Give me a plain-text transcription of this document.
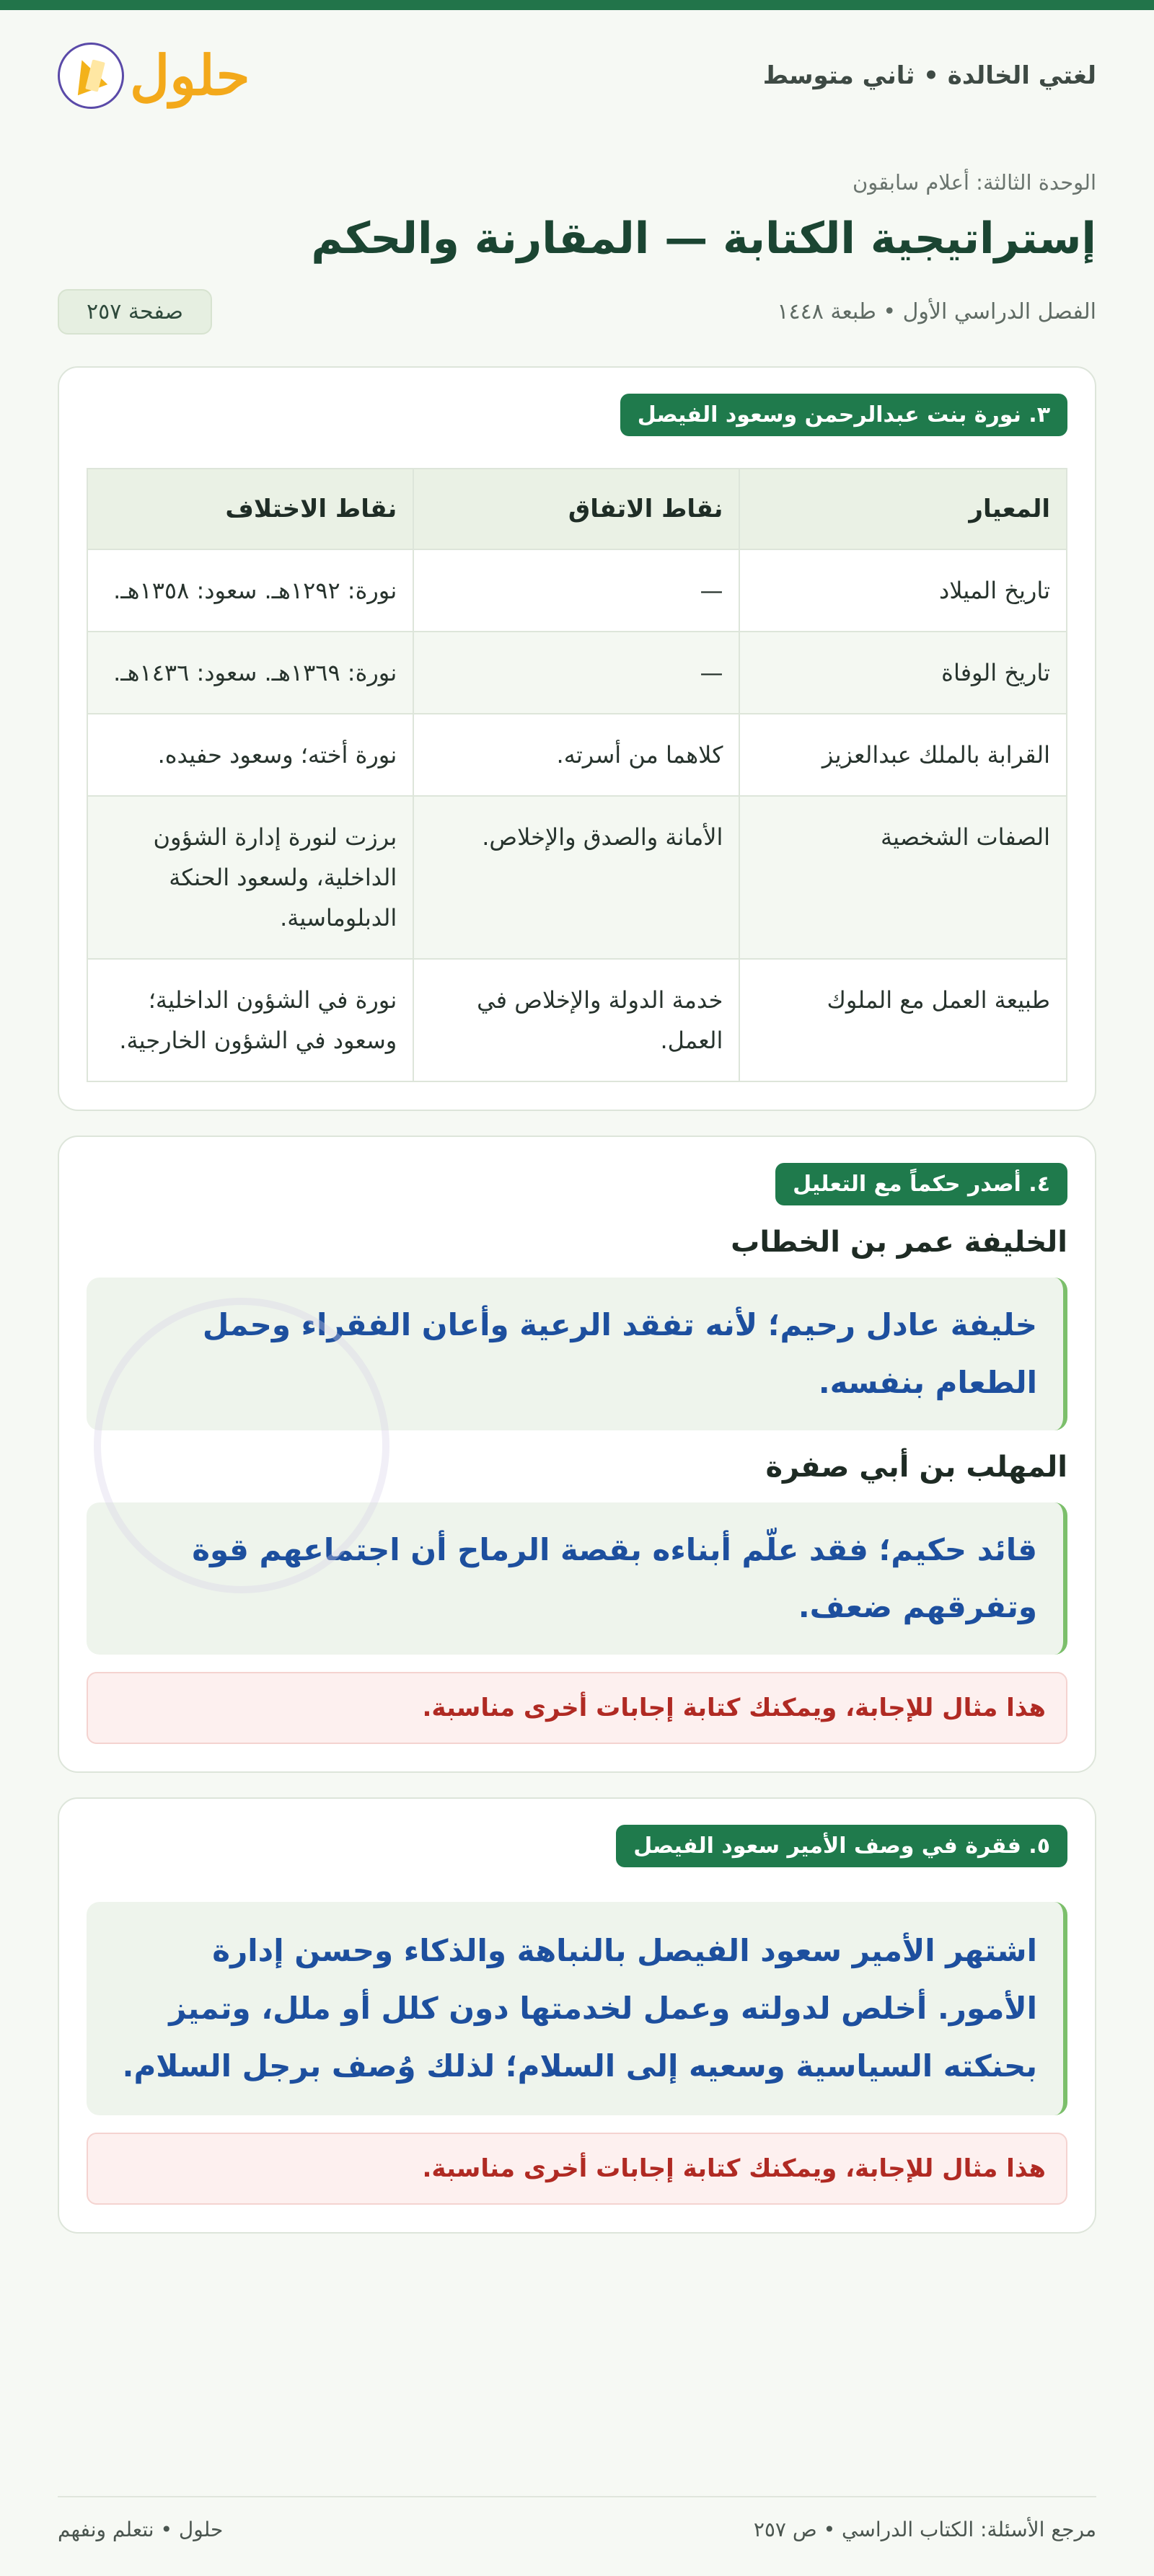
لغتي الخالدة • ثاني متوسط
حلول
الوحدة الثالثة: أعلام سابقون
إستراتيجية الكتابة — المقارنة والحكم
الفصل الدراسي الأول • طبعة ١٤٤٨
صفحة ٢٥٧
٣. نورة بنت عبدالرحمن وسعود الفيصل
المعيار	نقاط الاتفاق	نقاط الاختلاف
تاريخ الميلاد	—	نورة: ١٢٩٢هـ. سعود: ١٣٥٨هـ.
تاريخ الوفاة	—	نورة: ١٣٦٩هـ. سعود: ١٤٣٦هـ.
القرابة بالملك عبدالعزيز	كلاهما من أسرته.	نورة أخته؛ وسعود حفيده.
الصفات الشخصية	الأمانة والصدق والإخلاص.	برزت لنورة إدارة الشؤون الداخلية، ولسعود الحنكة الدبلوماسية.
طبيعة العمل مع الملوك	خدمة الدولة والإخلاص في العمل.	نورة في الشؤون الداخلية؛ وسعود في الشؤون الخارجية.
٤. أصدر حكماً مع التعليل
الخليفة عمر بن الخطاب
خليفة عادل رحيم؛ لأنه تفقد الرعية وأعان الفقراء وحمل الطعام بنفسه.
المهلب بن أبي صفرة
قائد حكيم؛ فقد علّم أبناءه بقصة الرماح أن اجتماعهم قوة وتفرقهم ضعف.
هذا مثال للإجابة، ويمكنك كتابة إجابات أخرى مناسبة.
٥. فقرة في وصف الأمير سعود الفيصل
اشتهر الأمير سعود الفيصل بالنباهة والذكاء وحسن إدارة الأمور. أخلص لدولته وعمل لخدمتها دون كلل أو ملل، وتميز بحنكته السياسية وسعيه إلى السلام؛ لذلك وُصف برجل السلام.
هذا مثال للإجابة، ويمكنك كتابة إجابات أخرى مناسبة.
مرجع الأسئلة: الكتاب الدراسي • ص ٢٥٧
حلول • نتعلم ونفهم
